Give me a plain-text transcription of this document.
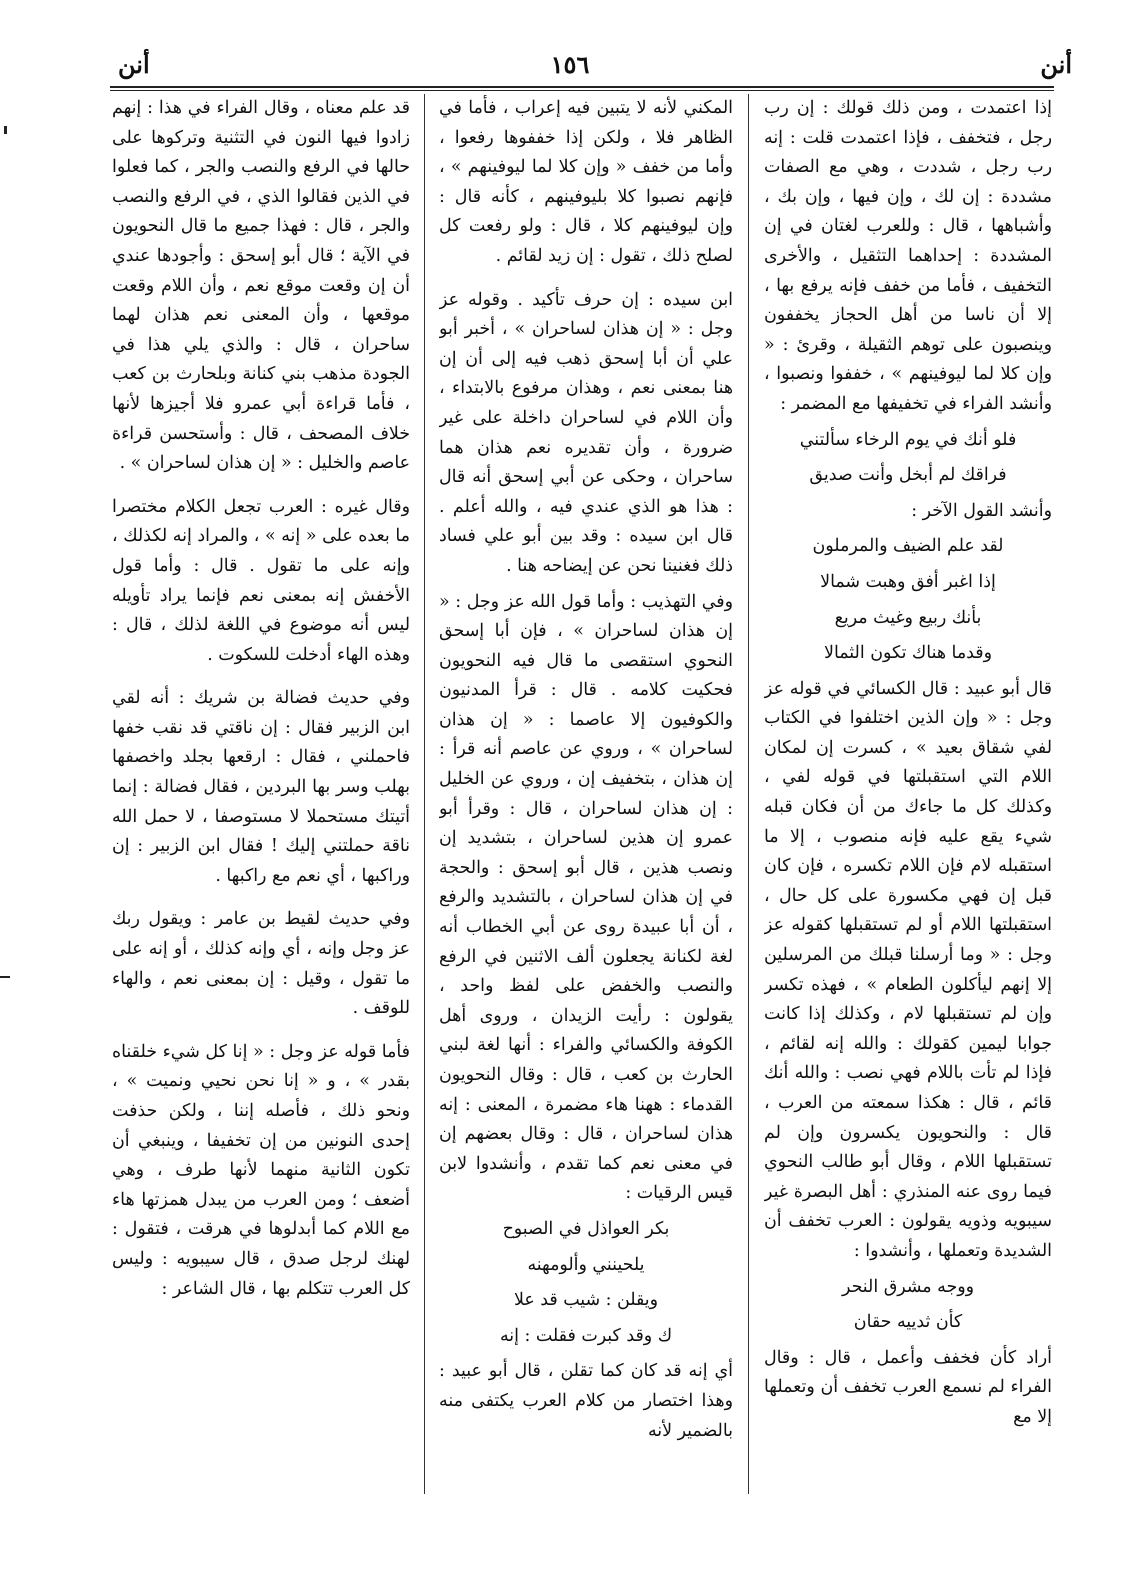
أنن
١٥٦
أنن

إذا اعتمدت ، ومن ذلك قولك : إن رب رجل ، فتخفف ، فإذا اعتمدت قلت : إنه رب رجل ، شددت ، وهي مع الصفات مشددة : إن لك ، وإن فيها ، وإن بك ، وأشباهها ، قال : وللعرب لغتان في إن المشددة : إحداهما التثقيل ، والأخرى التخفيف ، فأما من خفف فإنه يرفع بها ، إلا أن ناسا من أهل الحجاز يخففون وينصبون على توهم الثقيلة ، وقرئ : « وإن كلا لما ليوفينهم » ، خففوا ونصبوا ، وأنشد الفراء في تخفيفها مع المضمر :

فلو أنك في يوم الرخاء سألتني

فراقك لم أبخل وأنت صديق

وأنشد القول الآخر :

لقد علم الضيف والمرملون

إذا اغبر أفق وهبت شمالا

بأنك ربيع وغيث مريع

وقدما هناك تكون الثمالا

قال أبو عبيد : قال الكسائي في قوله عز وجل : « وإن الذين اختلفوا في الكتاب لفي شقاق بعيد » ، كسرت إن لمكان اللام التي استقبلتها في قوله لفي ، وكذلك كل ما جاءك من أن فكان قبله شيء يقع عليه فإنه منصوب ، إلا ما استقبله لام فإن اللام تكسره ، فإن كان قبل إن فهي مكسورة على كل حال ، استقبلتها اللام أو لم تستقبلها كقوله عز وجل : « وما أرسلنا قبلك من المرسلين إلا إنهم ليأكلون الطعام » ، فهذه تكسر وإن لم تستقبلها لام ، وكذلك إذا كانت جوابا ليمين كقولك : والله إنه لقائم ، فإذا لم تأت باللام فهي نصب : والله أنك قائم ، قال : هكذا سمعته من العرب ، قال : والنحويون يكسرون وإن لم تستقبلها اللام ، وقال أبو طالب النحوي فيما روى عنه المنذري : أهل البصرة غير سيبويه وذويه يقولون : العرب تخفف أن الشديدة وتعملها ، وأنشدوا :

ووجه مشرق النحر

كأن ثدييه حقان

أراد كأن فخفف وأعمل ، قال : وقال الفراء لم نسمع العرب تخفف أن وتعملها إلا مع

المكني لأنه لا يتبين فيه إعراب ، فأما في الظاهر فلا ، ولكن إذا خففوها رفعوا ، وأما من خفف « وإن كلا لما ليوفينهم » ، فإنهم نصبوا كلا بليوفينهم ، كأنه قال : وإن ليوفينهم كلا ، قال : ولو رفعت كل لصلح ذلك ، تقول : إن زيد لقائم .

ابن سيده : إن حرف تأكيد . وقوله عز وجل : « إن هذان لساحران » ، أخبر أبو علي أن أبا إسحق ذهب فيه إلى أن إن هنا بمعنى نعم ، وهذان مرفوع بالابتداء ، وأن اللام في لساحران داخلة على غير ضرورة ، وأن تقديره نعم هذان هما ساحران ، وحكى عن أبي إسحق أنه قال : هذا هو الذي عندي فيه ، والله أعلم . قال ابن سيده : وقد بين أبو علي فساد ذلك فغنينا نحن عن إيضاحه هنا .

وفي التهذيب : وأما قول الله عز وجل : « إن هذان لساحران » ، فإن أبا إسحق النحوي استقصى ما قال فيه النحويون فحكيت كلامه . قال : قرأ المدنيون والكوفيون إلا عاصما : « إن هذان لساحران » ، وروي عن عاصم أنه قرأ : إن هذان ، بتخفيف إن ، وروي عن الخليل : إن هذان لساحران ، قال : وقرأ أبو عمرو إن هذين لساحران ، بتشديد إن ونصب هذين ، قال أبو إسحق : والحجة في إن هذان لساحران ، بالتشديد والرفع ، أن أبا عبيدة روى عن أبي الخطاب أنه لغة لكنانة يجعلون ألف الاثنين في الرفع والنصب والخفض على لفظ واحد ، يقولون : رأيت الزيدان ، وروى أهل الكوفة والكسائي والفراء : أنها لغة لبني الحارث بن كعب ، قال : وقال النحويون القدماء : ههنا هاء مضمرة ، المعنى : إنه هذان لساحران ، قال : وقال بعضهم إن في معنى نعم كما تقدم ، وأنشدوا لابن قيس الرقيات :

بكر العواذل في الصبوح

يلحينني وألومهنه

ويقلن : شيب قد علا

ك وقد كبرت فقلت : إنه

أي إنه قد كان كما تقلن ، قال أبو عبيد : وهذا اختصار من كلام العرب يكتفى منه بالضمير لأنه

قد علم معناه ، وقال الفراء في هذا : إنهم زادوا فيها النون في التثنية وتركوها على حالها في الرفع والنصب والجر ، كما فعلوا في الذين فقالوا الذي ، في الرفع والنصب والجر ، قال : فهذا جميع ما قال النحويون في الآية ؛ قال أبو إسحق : وأجودها عندي أن إن وقعت موقع نعم ، وأن اللام وقعت موقعها ، وأن المعنى نعم هذان لهما ساحران ، قال : والذي يلي هذا في الجودة مذهب بني كنانة وبلحارث بن كعب ، فأما قراءة أبي عمرو فلا أجيزها لأنها خلاف المصحف ، قال : وأستحسن قراءة عاصم والخليل : « إن هذان لساحران » .

وقال غيره : العرب تجعل الكلام مختصرا ما بعده على « إنه » ، والمراد إنه لكذلك ، وإنه على ما تقول . قال : وأما قول الأخفش إنه بمعنى نعم فإنما يراد تأويله ليس أنه موضوع في اللغة لذلك ، قال : وهذه الهاء أدخلت للسكوت .

وفي حديث فضالة بن شريك : أنه لقي ابن الزبير فقال : إن ناقتي قد نقب خفها فاحملني ، فقال : ارقعها بجلد واخصفها بهلب وسر بها البردين ، فقال فضالة : إنما أتيتك مستحملا لا مستوصفا ، لا حمل الله ناقة حملتني إليك ! فقال ابن الزبير : إن وراكبها ، أي نعم مع راكبها .

وفي حديث لقيط بن عامر : ويقول ربك عز وجل وإنه ، أي وإنه كذلك ، أو إنه على ما تقول ، وقيل : إن بمعنى نعم ، والهاء للوقف .

فأما قوله عز وجل : « إنا كل شيء خلقناه بقدر » ، و « إنا نحن نحيي ونميت » ، ونحو ذلك ، فأصله إننا ، ولكن حذفت إحدى النونين من إن تخفيفا ، وينبغي أن تكون الثانية منهما لأنها طرف ، وهي أضعف ؛ ومن العرب من يبدل همزتها هاء مع اللام كما أبدلوها في هرقت ، فتقول : لهنك لرجل صدق ، قال سيبويه : وليس كل العرب تتكلم بها ، قال الشاعر :
